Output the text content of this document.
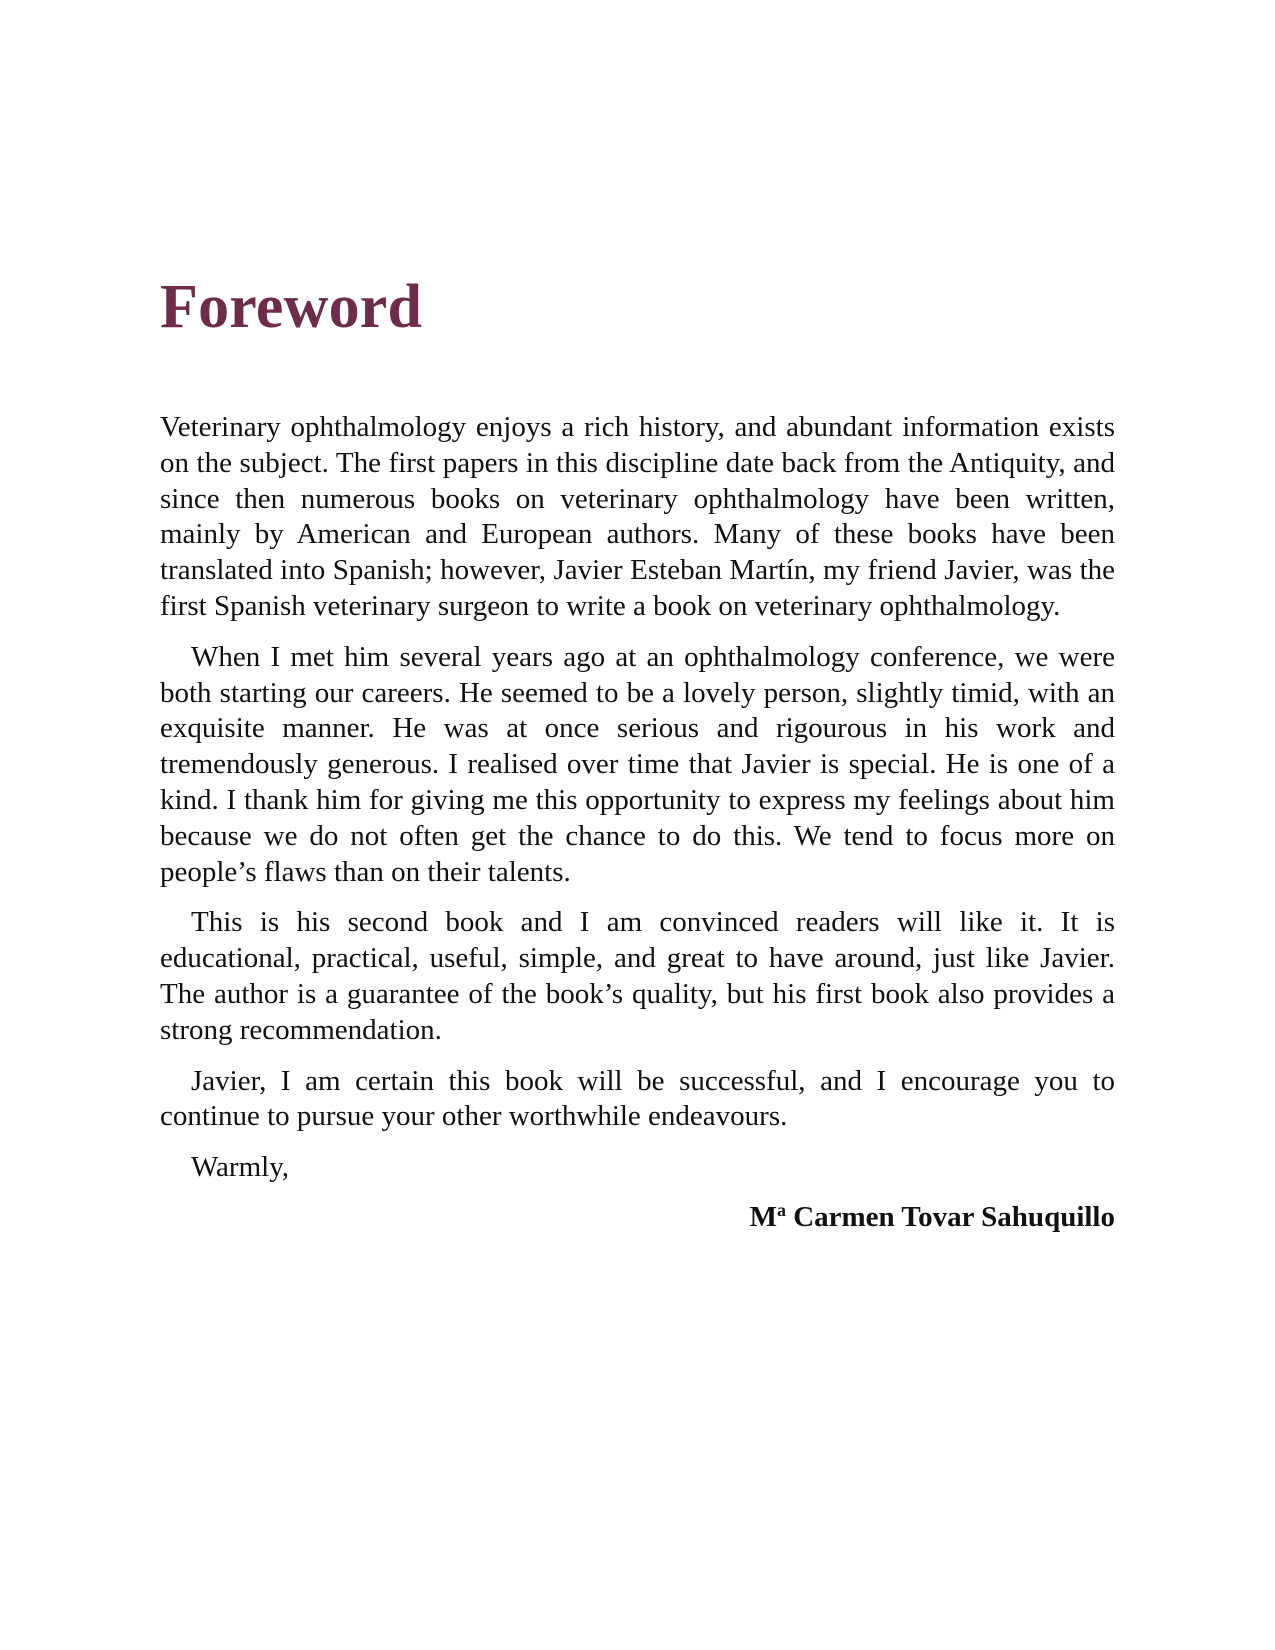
Foreword

Veterinary ophthalmology enjoys a rich history, and abundant information exists on the subject. The first papers in this discipline date back from the Antiquity, and since then numerous books on veterinary ophthalmology have been written, mainly by American and European authors. Many of these books have been translated into Spanish; however, Javier Esteban Martín, my friend Javier, was the first Spanish veterinary surgeon to write a book on veterinary ophthalmology.

When I met him several years ago at an ophthalmology conference, we were both starting our careers. He seemed to be a lovely person, slightly timid, with an exquisite manner. He was at once serious and rigourous in his work and tremendously generous. I realised over time that Javier is special. He is one of a kind. I thank him for giving me this opportunity to express my feelings about him because we do not often get the chance to do this. We tend to focus more on people’s flaws than on their talents.

This is his second book and I am convinced readers will like it. It is educational, practical, useful, simple, and great to have around, just like Javier. The author is a guarantee of the book’s quality, but his first book also provides a strong recommendation.

Javier, I am certain this book will be successful, and I encourage you to continue to pursue your other worthwhile endeavours.

Warmly,

$M^a$ Carmen Tovar Sahuquillo
